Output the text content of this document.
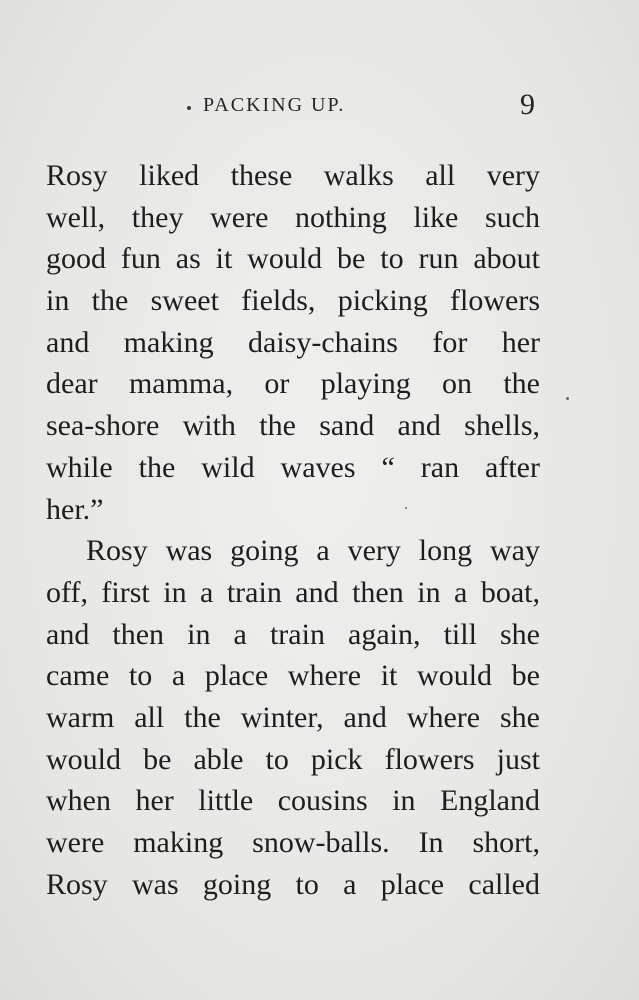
PACKING UP.	9
Rosy liked these walks all very
well, they were nothing like such
good fun as it would be to run about
in the sweet fields, picking flowers
and making daisy-chains for her
dear mamma, or playing on the
sea-shore with the sand and shells,
while the wild waves “ ran after
her.”
Rosy was going a very long way
off, first in a train and then in a boat,
and then in a train again, till she
came to a place where it would be
warm all the winter, and where she
would be able to pick flowers just
when her little cousins in England
were making snow-balls. In short,
Rosy was going to a place called
